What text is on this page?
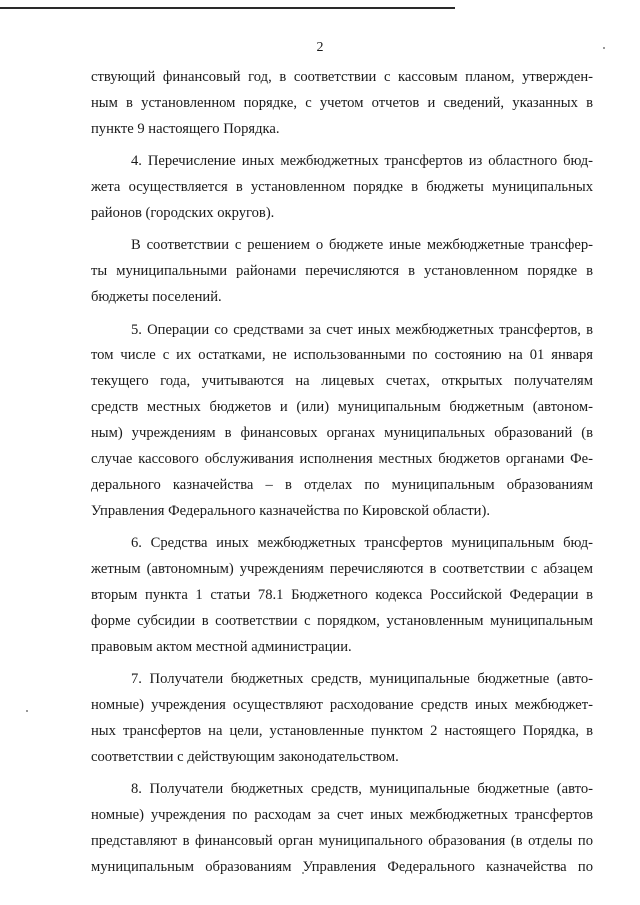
2

ствующий финансовый год, в соответствии с кассовым планом, утвержден-
ным в установленном порядке, с учетом отчетов и сведений, указанных в
пункте 9 настоящего Порядка.
4. Перечисление иных межбюджетных трансфертов из областного бюд-
жета осуществляется в установленном порядке в бюджеты муниципальных
районов (городских округов).
В соответствии с решением о бюджете иные межбюджетные трансфер-
ты муниципальными районами перечисляются в установленном порядке в
бюджеты поселений.
5. Операции со средствами за счет иных межбюджетных трансфертов, в
том числе с их остатками, не использованными по состоянию на 01 января
текущего года, учитываются на лицевых счетах, открытых получателям
средств местных бюджетов и (или) муниципальным бюджетным (автоном-
ным) учреждениям в финансовых органах муниципальных образований (в
случае кассового обслуживания исполнения местных бюджетов органами Фе-
дерального казначейства – в отделах по муниципальным образованиям
Управления Федерального казначейства по Кировской области).
6. Средства иных межбюджетных трансфертов муниципальным бюд-
жетным (автономным) учреждениям перечисляются в соответствии с абзацем
вторым пункта 1 статьи 78.1 Бюджетного кодекса Российской Федерации в
форме субсидии в соответствии с порядком, установленным муниципальным
правовым актом местной администрации.
7. Получатели бюджетных средств, муниципальные бюджетные (авто-
номные) учреждения осуществляют расходование средств иных межбюджет-
ных трансфертов на цели, установленные пунктом 2 настоящего Порядка, в
соответствии с действующим законодательством.
8. Получатели бюджетных средств, муниципальные бюджетные (авто-
номные) учреждения по расходам за счет иных межбюджетных трансфертов
представляют в финансовый орган муниципального образования (в отделы по
муниципальным образованиям Управления Федерального казначейства по
